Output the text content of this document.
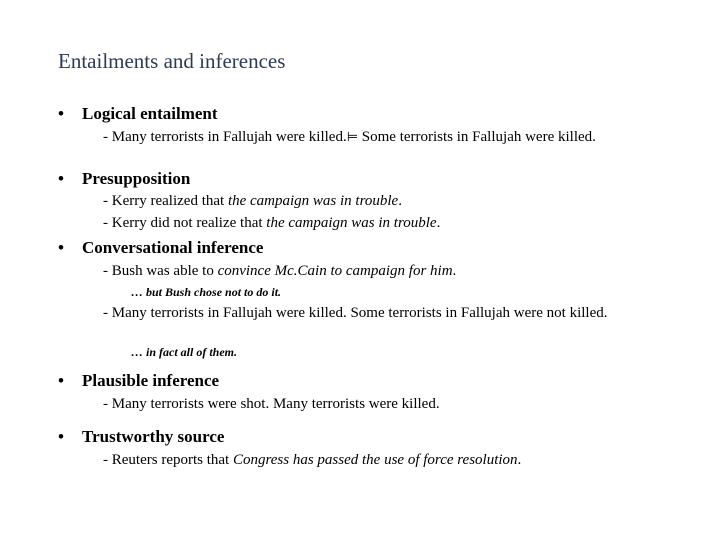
Entailments and inferences
• Logical entailment
- Many terrorists in Fallujah were killed.⊨ Some terrorists in Fallujah were killed.
• Presupposition
- Kerry realized that the campaign was in trouble.
- Kerry did not realize that the campaign was in trouble.
• Conversational inference
- Bush was able to convince Mc.Cain to campaign for him.
… but Bush chose not to do it.
- Many terrorists in Fallujah were killed. Some terrorists in Fallujah were not killed.
… in fact all of them.
• Plausible inference
- Many terrorists were shot. Many terrorists were killed.
• Trustworthy source
- Reuters reports that Congress has passed the use of force resolution.
